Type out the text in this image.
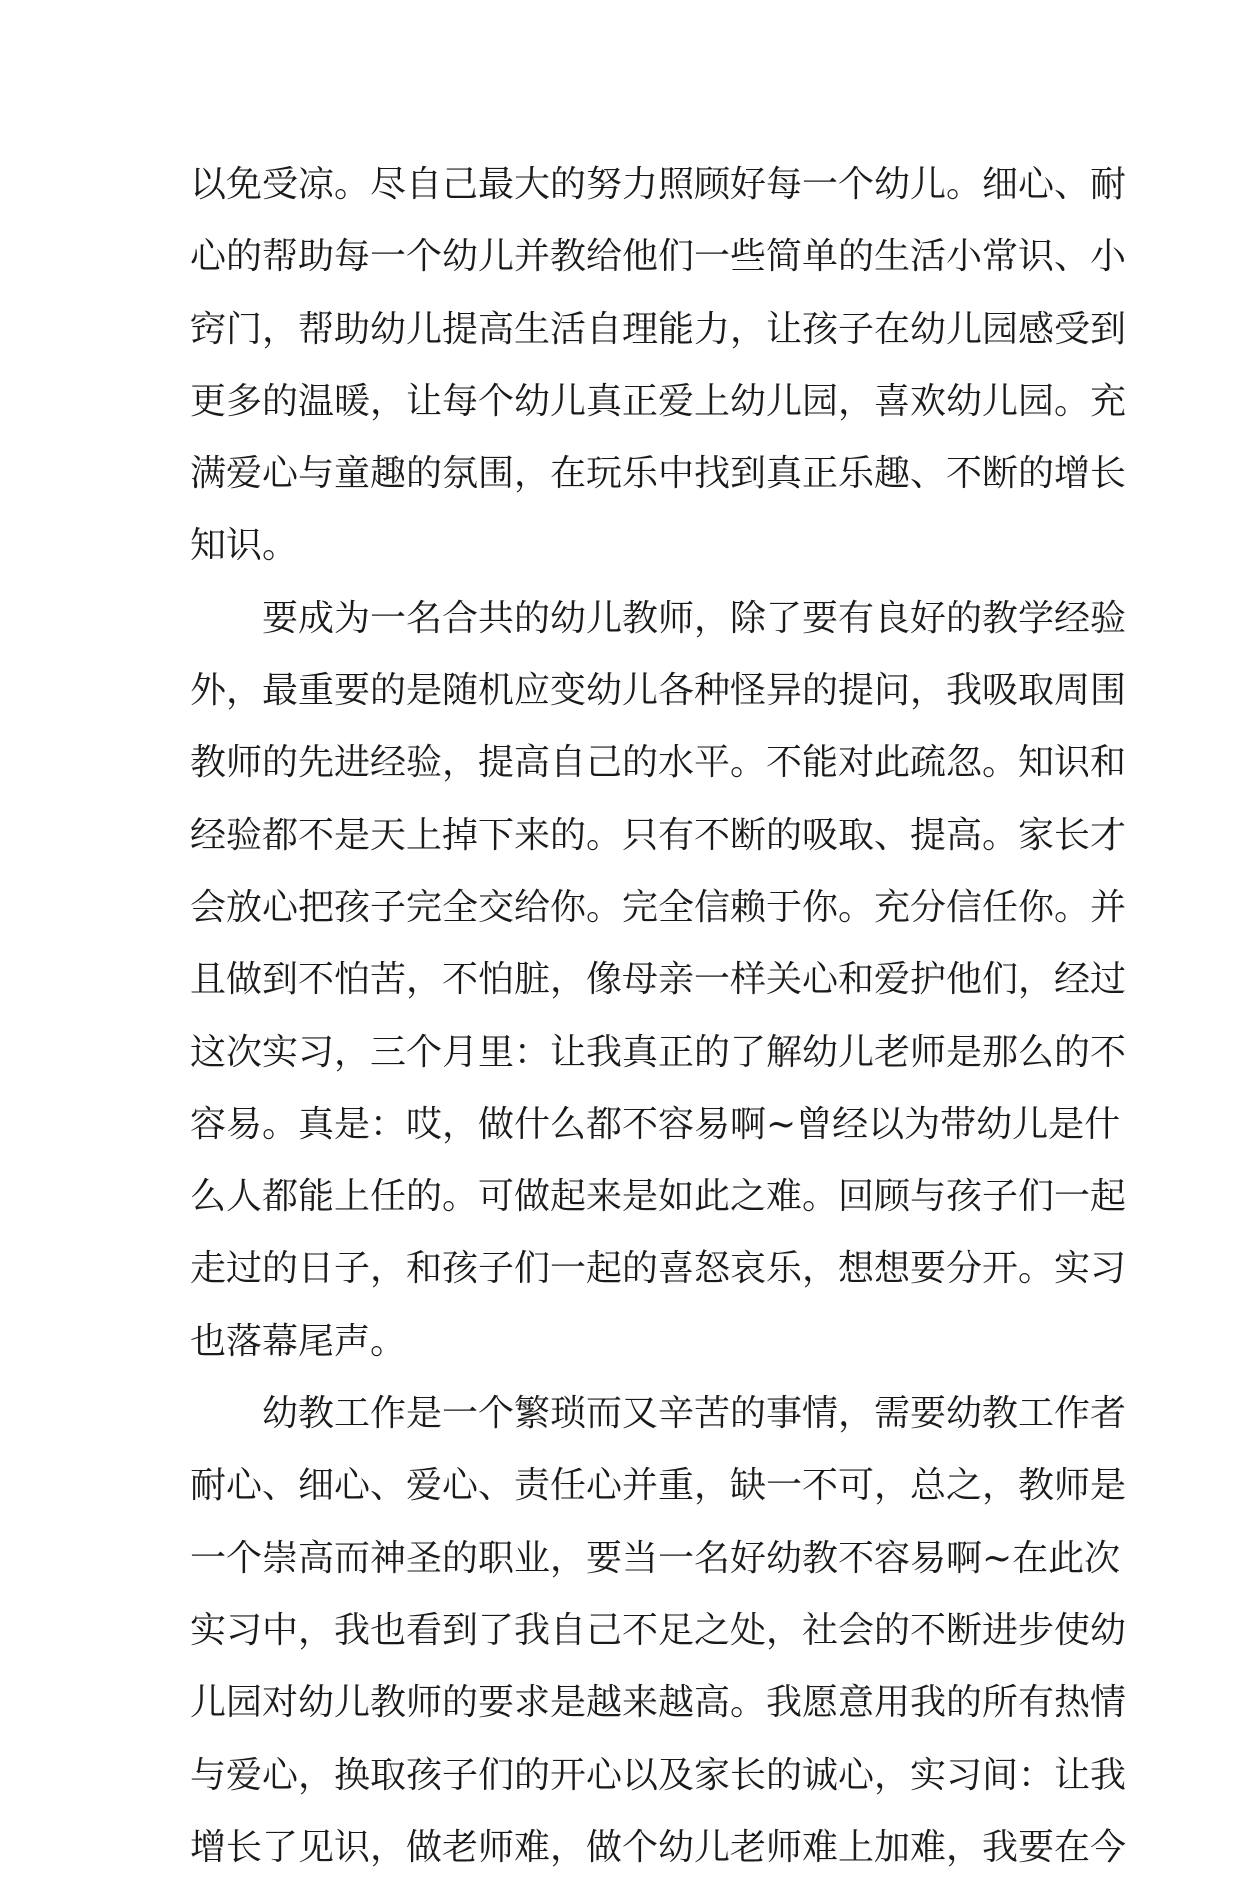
以免受凉。尽自己最大的努力照顾好每一个幼儿。细心、耐
心的帮助每一个幼儿并教给他们一些简单的生活小常识、小
窍门，帮助幼儿提高生活自理能力，让孩子在幼儿园感受到
更多的温暖，让每个幼儿真正爱上幼儿园，喜欢幼儿园。充
满爱心与童趣的氛围，在玩乐中找到真正乐趣、不断的增长
知识。
要成为一名合共的幼儿教师，除了要有良好的教学经验
外，最重要的是随机应变幼儿各种怪异的提问，我吸取周围
教师的先进经验，提高自己的水平。不能对此疏忽。知识和
经验都不是天上掉下来的。只有不断的吸取、提高。家长才
会放心把孩子完全交给你。完全信赖于你。充分信任你。并
且做到不怕苦，不怕脏，像母亲一样关心和爱护他们，经过
这次实习，三个月里：让我真正的了解幼儿老师是那么的不
容易。真是：哎，做什么都不容易啊~曾经以为带幼儿是什
么人都能上任的。可做起来是如此之难。回顾与孩子们一起
走过的日子，和孩子们一起的喜怒哀乐，想想要分开。实习
也落幕尾声。
幼教工作是一个繁琐而又辛苦的事情，需要幼教工作者
耐心、细心、爱心、责任心并重，缺一不可，总之，教师是
一个崇高而神圣的职业，要当一名好幼教不容易啊~在此次
实习中，我也看到了我自己不足之处，社会的不断进步使幼
儿园对幼儿教师的要求是越来越高。我愿意用我的所有热情
与爱心，换取孩子们的开心以及家长的诚心，实习间：让我
增长了见识，做老师难，做个幼儿老师难上加难，我要在今
